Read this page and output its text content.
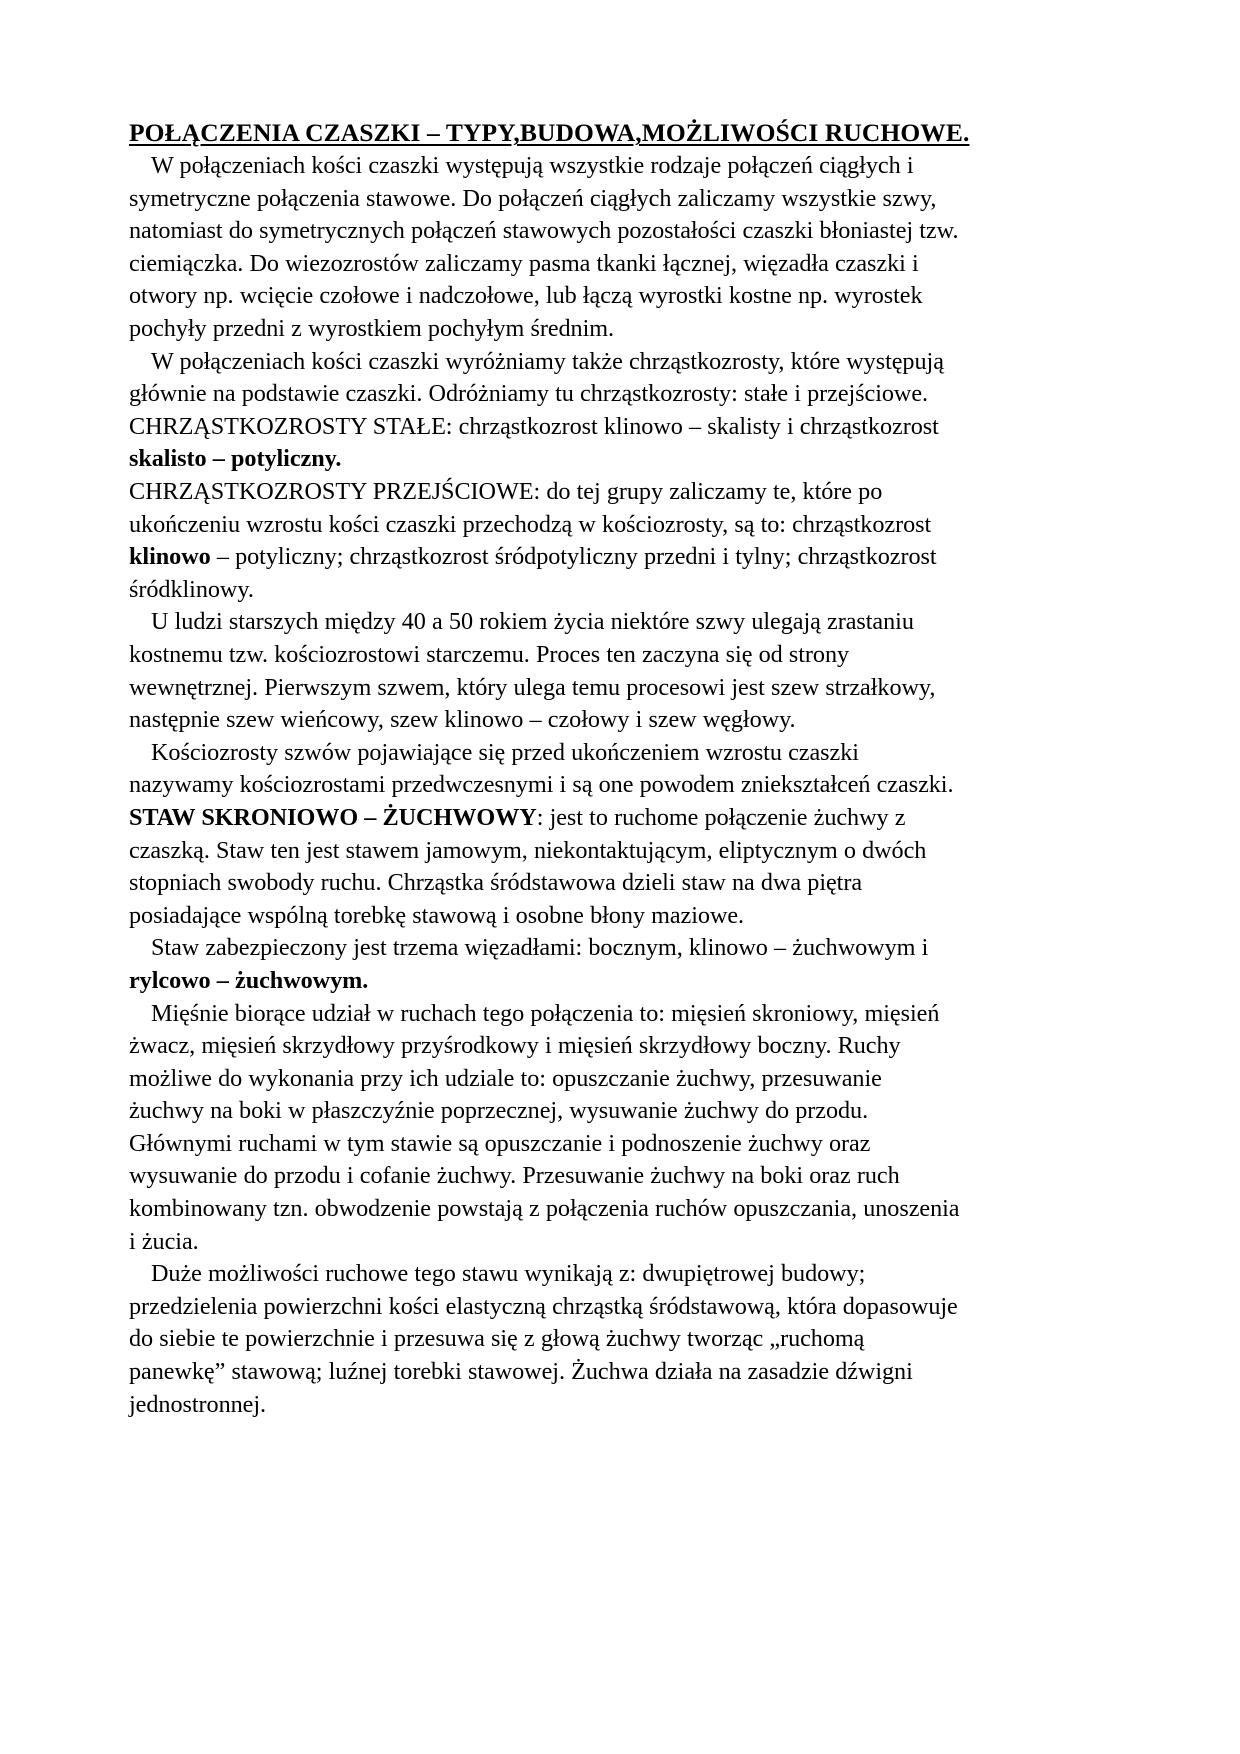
POŁĄCZENIA CZASZKI – TYPY,BUDOWA,MOŻLIWOŚCI RUCHOWE.

W połączeniach kości czaszki występują wszystkie rodzaje połączeń ciągłych i symetryczne połączenia stawowe. Do połączeń ciągłych zaliczamy wszystkie szwy, natomiast do symetrycznych połączeń stawowych pozostałości czaszki błoniastej tzw. ciemiączka. Do wiezozrostów zaliczamy pasma tkanki łącznej, więzadła czaszki i otwory np. wcięcie czołowe i nadczołowe, lub łączą wyrostki kostne np. wyrostek pochyły przedni z wyrostkiem pochyłym średnim.

W połączeniach kości czaszki wyróżniamy także chrząstkozrosty, które występują głównie na podstawie czaszki. Odróżniamy tu chrząstkozrosty: stałe i przejściowe.

CHRZĄSTKOZROSTY STAŁE: chrząstkozrost klinowo – skalisty i chrząstkozrost skalisto – potyliczny.

CHRZĄSTKOZROSTY PRZEJŚCIOWE: do tej grupy zaliczamy te, które po ukończeniu wzrostu kości czaszki przechodzą w kościozrosty, są to: chrząstkozrost klinowo – potyliczny; chrząstkozrost śródpotyliczny przedni i tylny; chrząstkozrost śródklinowy.

U ludzi starszych między 40 a 50 rokiem życia niektóre szwy ulegają zrastaniu kostnemu tzw. kościozrostowi starczemu. Proces ten zaczyna się od strony wewnętrznej. Pierwszym szwem, który ulega temu procesowi jest szew strzałkowy, następnie szew wieńcowy, szew klinowo – czołowy i szew węgłowy.

Kościozrosty szwów pojawiające się przed ukończeniem wzrostu czaszki nazywamy kościozrostami przedwczesnymi i są one powodem zniekształceń czaszki.

STAW SKRONIOWO – ŻUCHWOWY: jest to ruchome połączenie żuchwy z czaszką. Staw ten jest stawem jamowym, niekontaktującym, eliptycznym o dwóch stopniach swobody ruchu. Chrząstka śródstawowa dzieli staw na dwa piętra posiadające wspólną torebkę stawową i osobne błony maziowe.

Staw zabezpieczony jest trzema więzadłami: bocznym, klinowo – żuchwowym i rylcowo – żuchwowym.

Mięśnie biorące udział w ruchach tego połączenia to: mięsień skroniowy, mięsień żwacz, mięsień skrzydłowy przyśrodkowy i mięsień skrzydłowy boczny. Ruchy możliwe do wykonania przy ich udziale to: opuszczanie żuchwy, przesuwanie żuchwy na boki w płaszczyźnie poprzecznej, wysuwanie żuchwy do przodu. Głównymi ruchami w tym stawie są opuszczanie i podnoszenie żuchwy oraz wysuwanie do przodu i cofanie żuchwy. Przesuwanie żuchwy na boki oraz ruch kombinowany tzn. obwodzenie powstają z połączenia ruchów opuszczania, unoszenia i żucia.

Duże możliwości ruchowe tego stawu wynikają z: dwupiętrowej budowy; przedzielenia powierzchni kości elastyczną chrząstką śródstawową, która dopasowuje do siebie te powierzchnie i przesuwa się z głową żuchwy tworząc „ruchomą panewkę” stawową; luźnej torebki stawowej. Żuchwa działa na zasadzie dźwigni jednostronnej.
